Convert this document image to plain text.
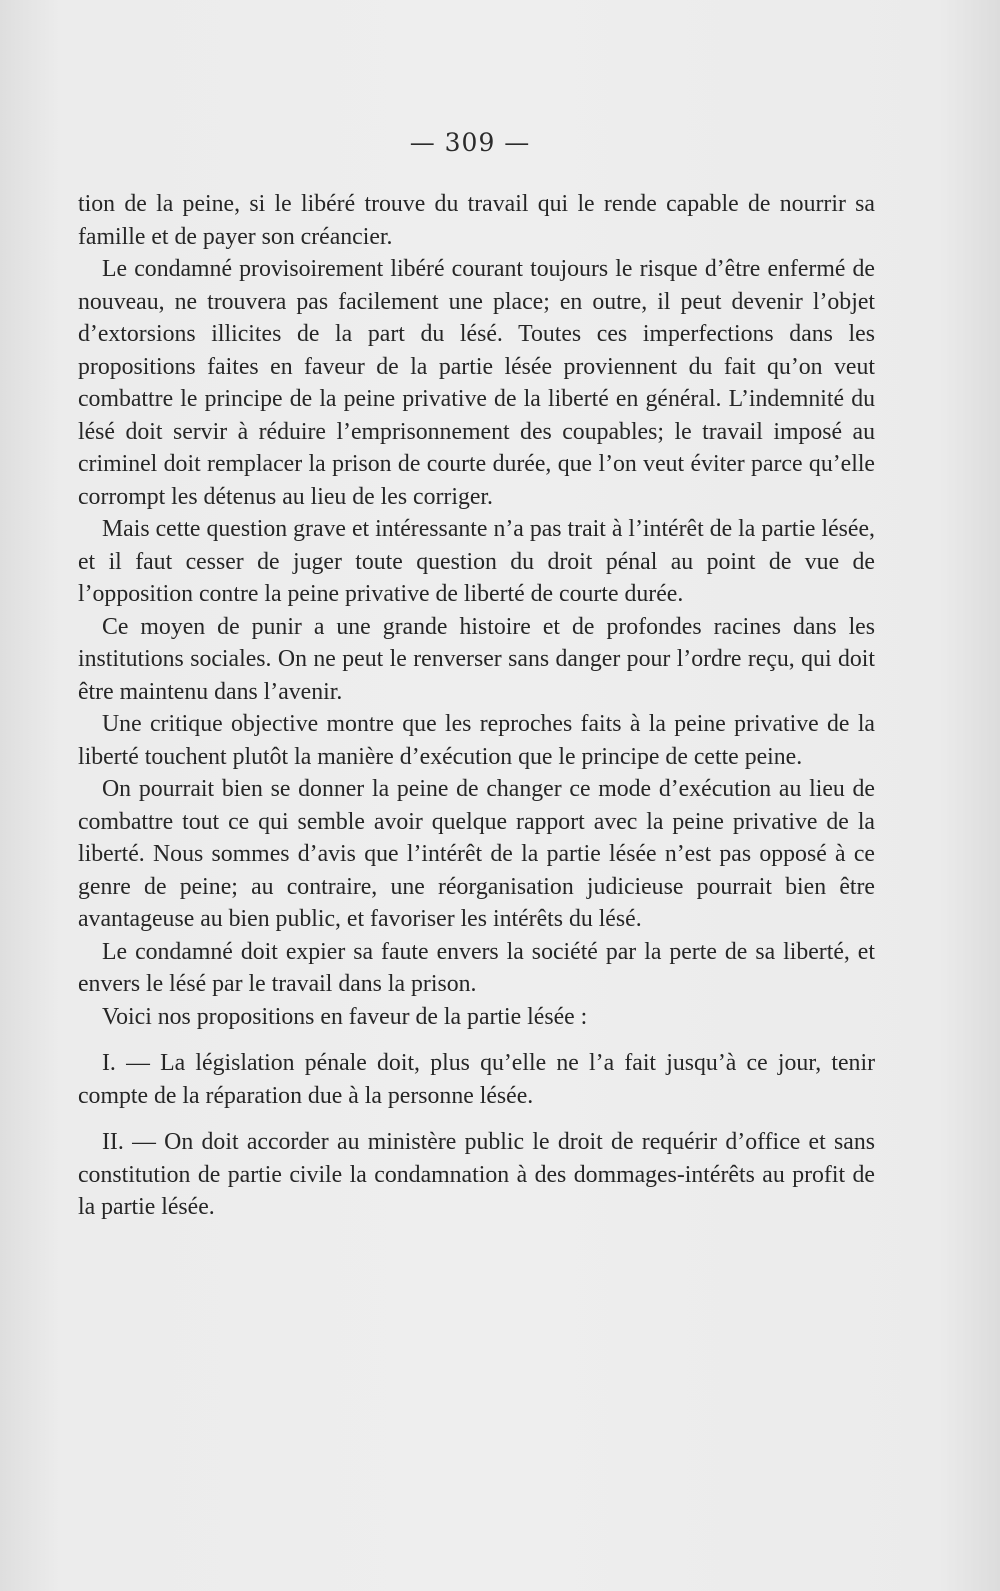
— 309 —

tion de la peine, si le libéré trouve du travail qui le rende capable de nourrir sa famille et de payer son créancier.

Le condamné provisoirement libéré courant toujours le risque d’être enfermé de nouveau, ne trouvera pas facilement une place; en outre, il peut devenir l’objet d’extorsions illicites de la part du lésé. Toutes ces imperfections dans les propositions faites en faveur de la partie lésée proviennent du fait qu’on veut combattre le principe de la peine privative de la liberté en général. L’indemnité du lésé doit servir à réduire l’emprisonnement des coupables; le travail imposé au criminel doit remplacer la prison de courte durée, que l’on veut éviter parce qu’elle corrompt les détenus au lieu de les corriger.

Mais cette question grave et intéressante n’a pas trait à l’intérêt de la partie lésée, et il faut cesser de juger toute question du droit pénal au point de vue de l’opposition contre la peine privative de liberté de courte durée.

Ce moyen de punir a une grande histoire et de profondes racines dans les institutions sociales. On ne peut le renverser sans danger pour l’ordre reçu, qui doit être maintenu dans l’avenir.

Une critique objective montre que les reproches faits à la peine privative de la liberté touchent plutôt la manière d’exécution que le principe de cette peine.

On pourrait bien se donner la peine de changer ce mode d’exécution au lieu de combattre tout ce qui semble avoir quelque rapport avec la peine privative de la liberté. Nous sommes d’avis que l’intérêt de la partie lésée n’est pas opposé à ce genre de peine; au contraire, une réorganisation judicieuse pourrait bien être avantageuse au bien public, et favoriser les intérêts du lésé.

Le condamné doit expier sa faute envers la société par la perte de sa liberté, et envers le lésé par le travail dans la prison.

Voici nos propositions en faveur de la partie lésée :

I. — La législation pénale doit, plus qu’elle ne l’a fait jusqu’à ce jour, tenir compte de la réparation due à la personne lésée.

II. — On doit accorder au ministère public le droit de requérir d’office et sans constitution de partie civile la condamnation à des dommages-intérêts au profit de la partie lésée.
